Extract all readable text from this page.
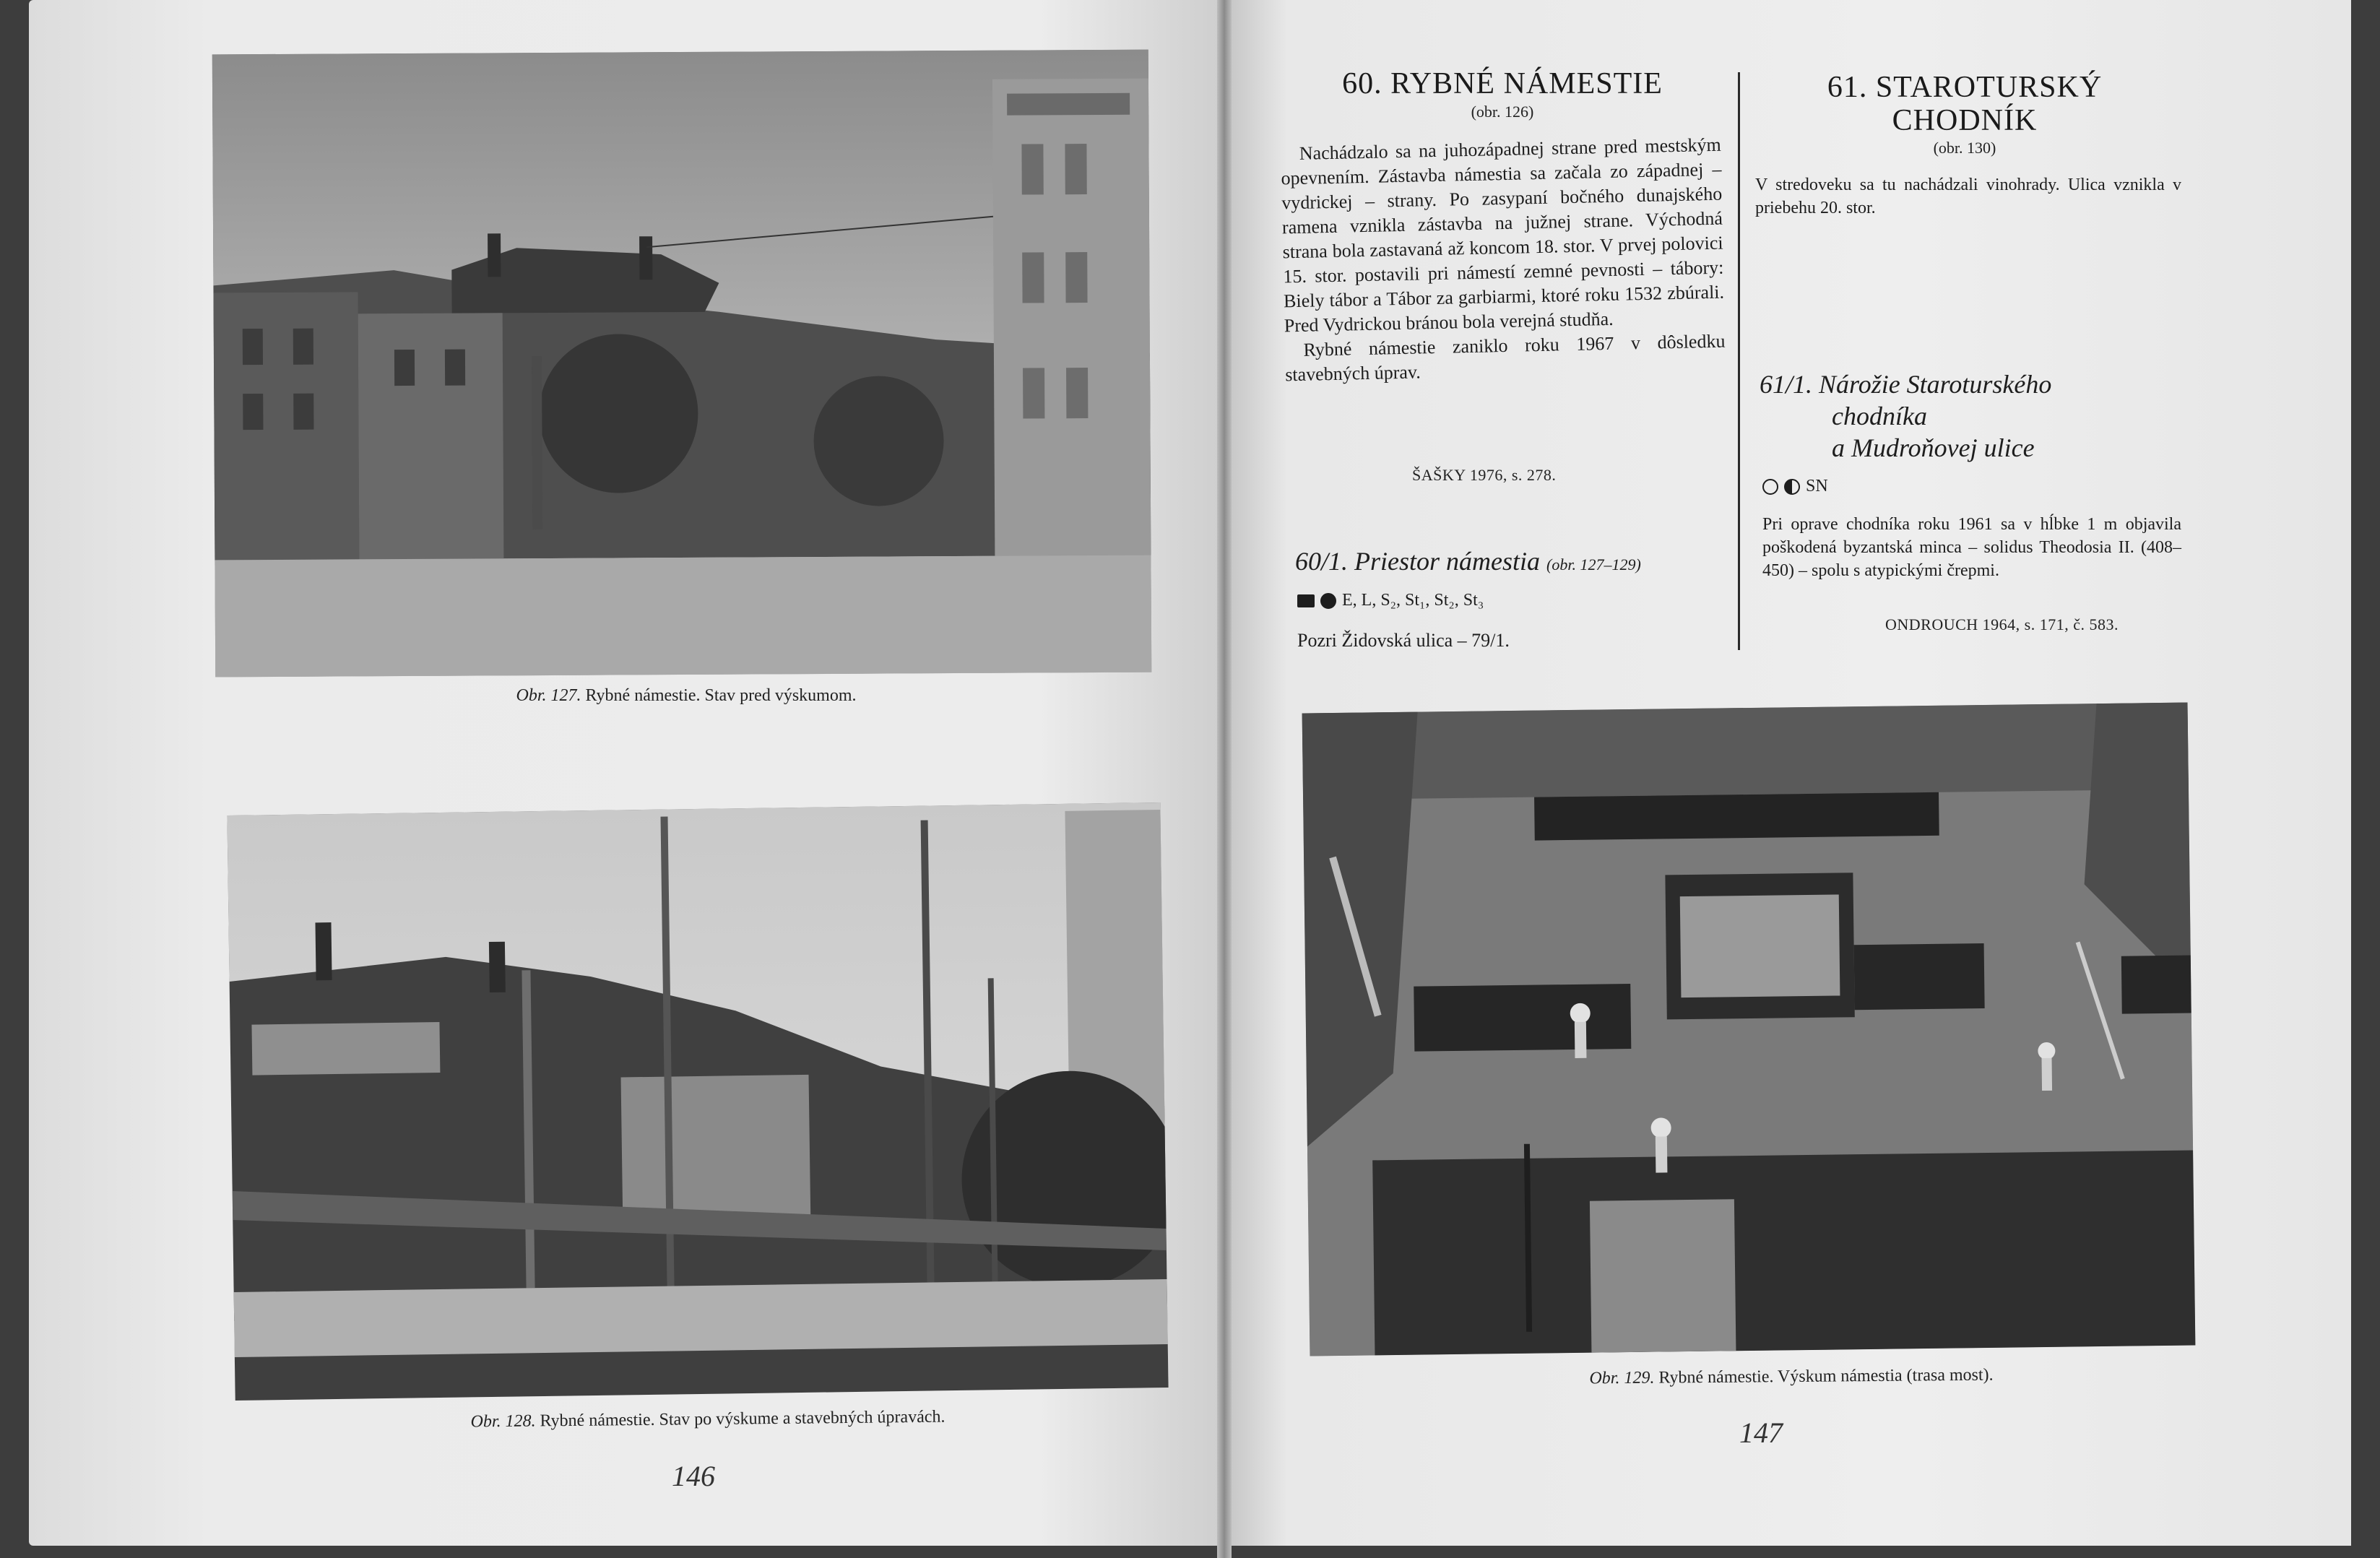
Obr. 127. Rybné námestie. Stav pred výskumom.
Obr. 128. Rybné námestie. Stav po výskume a stavebných úpravách.
146
60. RYBNÉ NÁMESTIE
(obr. 126)

Nachádzalo sa na juhozápadnej strane pred mestským opevnením. Zástavba námestia sa začala zo západnej – vydrickej – strany. Po zasypaní bočného dunajského ramena vznikla zástavba na južnej strane. Východná strana bola zastavaná až koncom 18. stor. V prvej polovici 15. stor. postavili pri námestí zemné pevnosti – tábory: Biely tábor a Tábor za garbiarmi, ktoré roku 1532 zbúrali. Pred Vydrickou bránou bola verejná studňa.

Rybné námestie zaniklo roku 1967 v dôsledku stavebných úprav.

ŠAŠKY 1976, s. 278.
60/1. Priestor námestia (obr. 127–129)
E, L, S₂, St₁, St₂, St₃
Pozri Židovská ulica – 79/1.
61. STAROTURSKÝ
CHODNÍK
(obr. 130)
V stredoveku sa tu nachádzali vinohrady. Ulica vznikla v priebehu 20. stor.
61/1. Nárožie Staroturského
chodníka
a Mudroňovej ulice
SN
Pri oprave chodníka roku 1961 sa v hĺbke 1 m objavila poškodená byzantská minca – solidus Theodosia II. (408–450) – spolu s atypickými črepmi.
ONDROUCH 1964, s. 171, č. 583.
Obr. 129. Rybné námestie. Výskum námestia (trasa most).
147
